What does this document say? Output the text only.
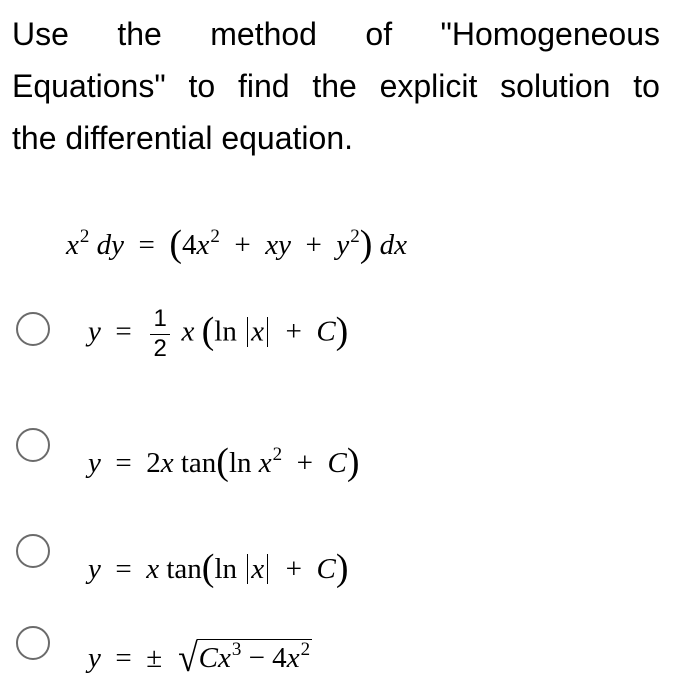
Use the method of "Homogeneous
Equations" to find the explicit solution to
the differential equation.
$x^2$ dy  =  ($4x^2$  +  xy  +  $y^2$) dx
$y = \frac{1}{2}$ x (ln x  +  C)
y  =  2x tan(ln $x^2 + C$)
y  =  x tan(ln x  +  C)
y  =  ±  $√Cx^3 - 4x^2$
